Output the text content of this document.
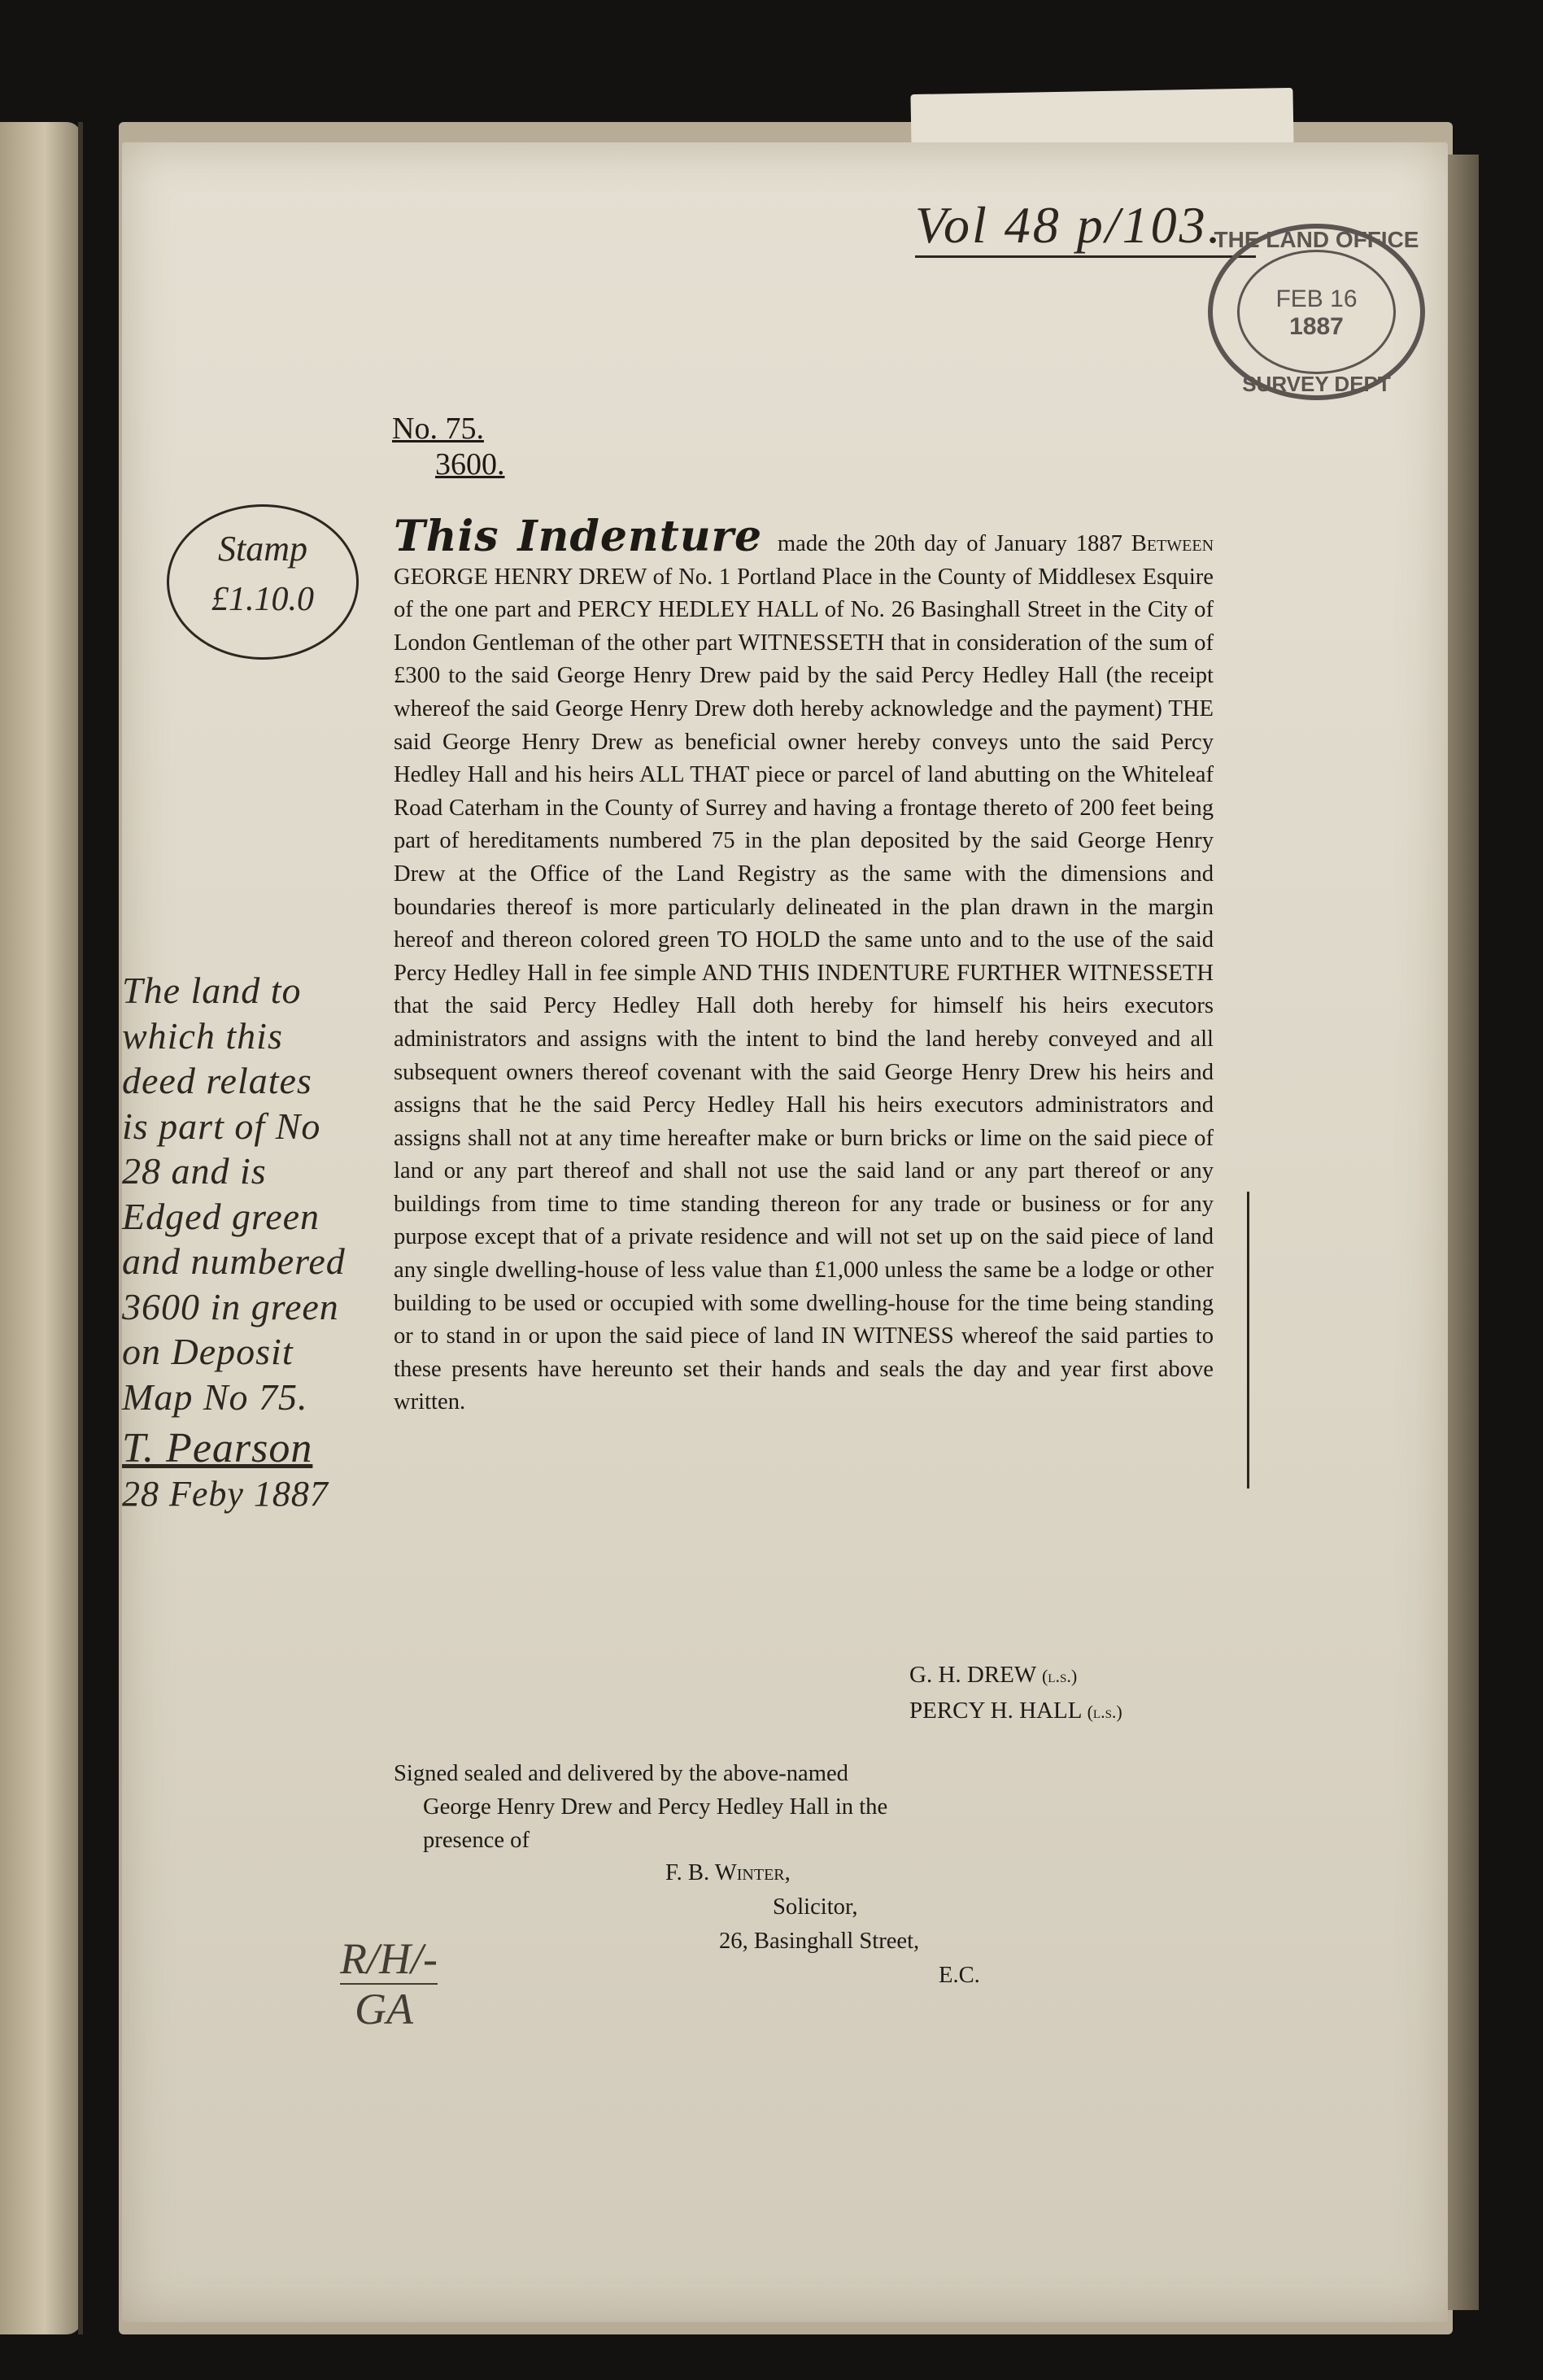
Vol 48 p/103.
THE LAND OFFICE
FEB 16
1887
SURVEY DEPT
No. 75.
3600.
Stamp
£1.10.0

This Indenture made the 20th day of January 1887 Between GEORGE HENRY DREW of No. 1 Portland Place in the County of Middlesex Esquire of the one part and PERCY HEDLEY HALL of No. 26 Basinghall Street in the City of London Gentleman of the other part WITNESSETH that in consideration of the sum of £300 to the said George Henry Drew paid by the said Percy Hedley Hall (the receipt whereof the said George Henry Drew doth hereby acknowledge and the payment) THE said George Henry Drew as beneficial owner hereby conveys unto the said Percy Hedley Hall and his heirs ALL THAT piece or parcel of land abutting on the Whiteleaf Road Caterham in the County of Surrey and having a frontage thereto of 200 feet being part of hereditaments numbered 75 in the plan deposited by the said George Henry Drew at the Office of the Land Registry as the same with the dimensions and boundaries thereof is more particularly delineated in the plan drawn in the margin hereof and thereon colored green TO HOLD the same unto and to the use of the said Percy Hedley Hall in fee simple AND THIS INDENTURE FURTHER WITNESSETH that the said Percy Hedley Hall doth hereby for himself his heirs executors administrators and assigns with the intent to bind the land hereby conveyed and all subsequent owners thereof covenant with the said George Henry Drew his heirs and assigns that he the said Percy Hedley Hall his heirs executors administrators and assigns shall not at any time hereafter make or burn bricks or lime on the said piece of land or any part thereof and shall not use the said land or any part thereof or any buildings from time to time standing thereon for any trade or business or for any purpose except that of a private residence and will not set up on the said piece of land any single dwelling-house of less value than £1,000 unless the same be a lodge or other building to be used or occupied with some dwelling-house for the time being standing or to stand in or upon the said piece of land IN WITNESS whereof the said parties to these presents have hereunto set their hands and seals the day and year first above written.

The land to
which this
deed relates
is part of No
28 and is
Edged green
and numbered
3600 in green
on Deposit
Map No 75.
T. Pearson
28 Feby 1887
G. H. DREW (l.s.)
PERCY H. HALL (l.s.)
Signed sealed and delivered by the above-named
George Henry Drew and Percy Hedley Hall in the
presence of
F. B. Winter,
Solicitor,
26, Basinghall Street,
E.C.
R/H/-
GA
